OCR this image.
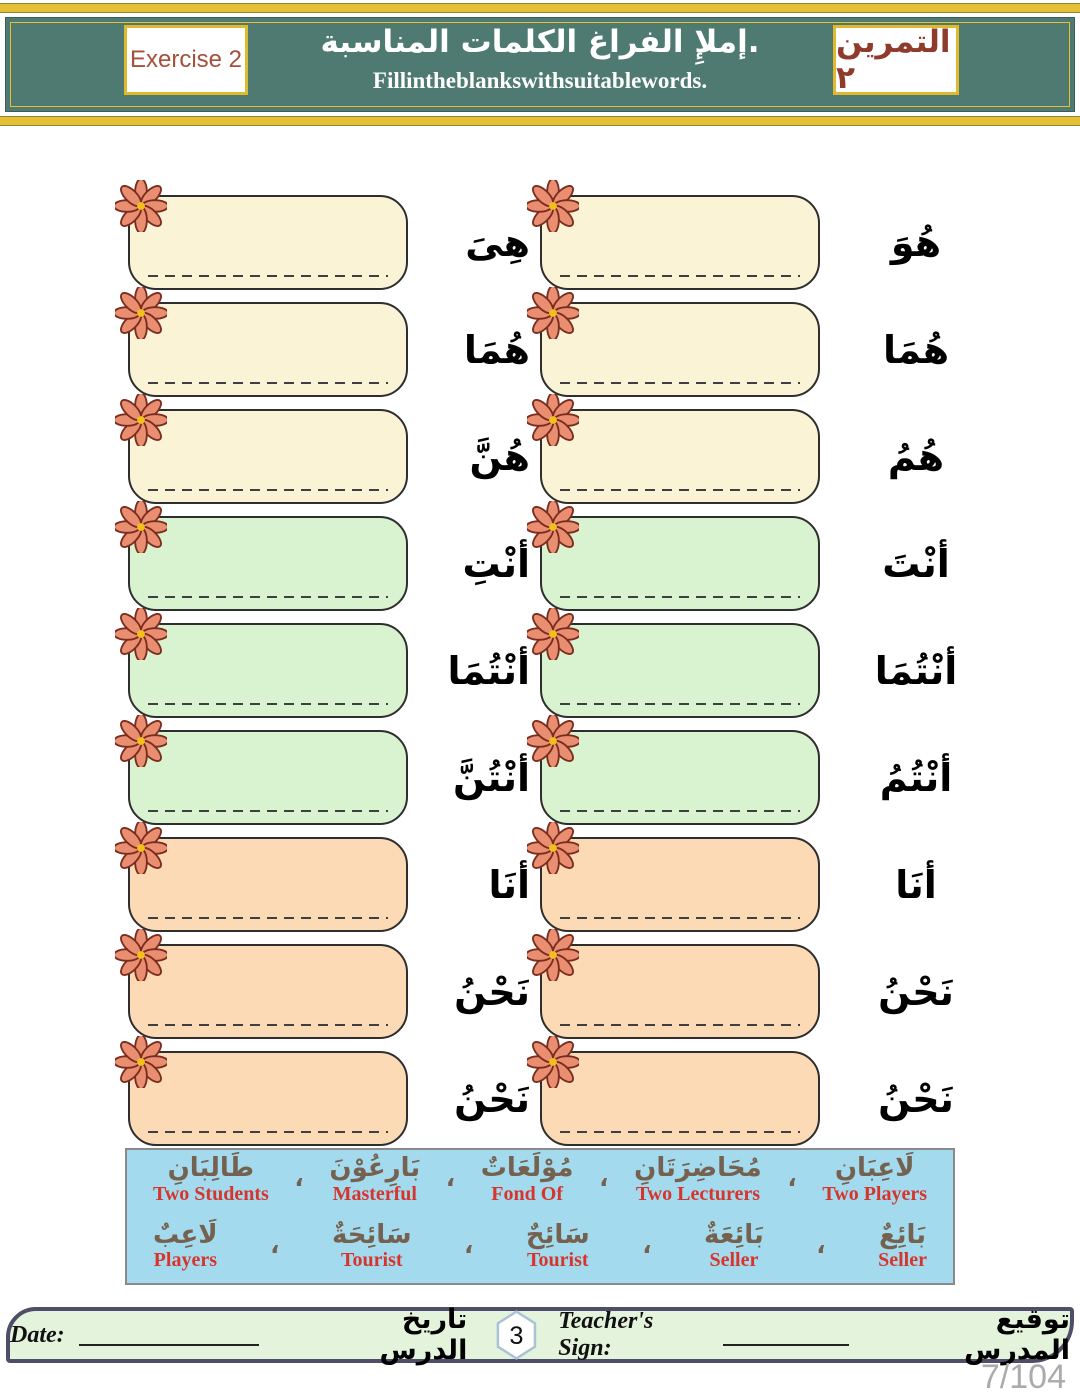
Exercise 2	إملإِ الفراغ الكلمات المناسبة.
Fillintheblankswithsuitablewords.
التمرين ٢
هِىَ	هُوَ
هُمَا	هُمَا
هُنَّ	هُمُ
أنْتِ	أنْتَ
أنْتُمَا	أنْتُمَا
أنْتُنَّ	أنْتُمُ
أنَا	أنَا
نَحْنُ	نَحْنُ
نَحْنُ	نَحْنُ
طَالِبَانِ
Two Students
، بَارِعُوْنَ
Masterful
، مُوْلَعَاتٌ
Fond Of
، مُحَاضِرَتَانِ
Two Lecturers
، لَاعِبَانِ
Two Players
لَاعِبٌ
Players
، سَائِحَةٌ
Tourist
، سَائِحٌ
Tourist
، بَائِعَةٌ
Seller
، بَائِعٌ
Seller
Date:	تاريخ الدرس 3
Teacher's Sign:
توقيع المدرس
7/104
